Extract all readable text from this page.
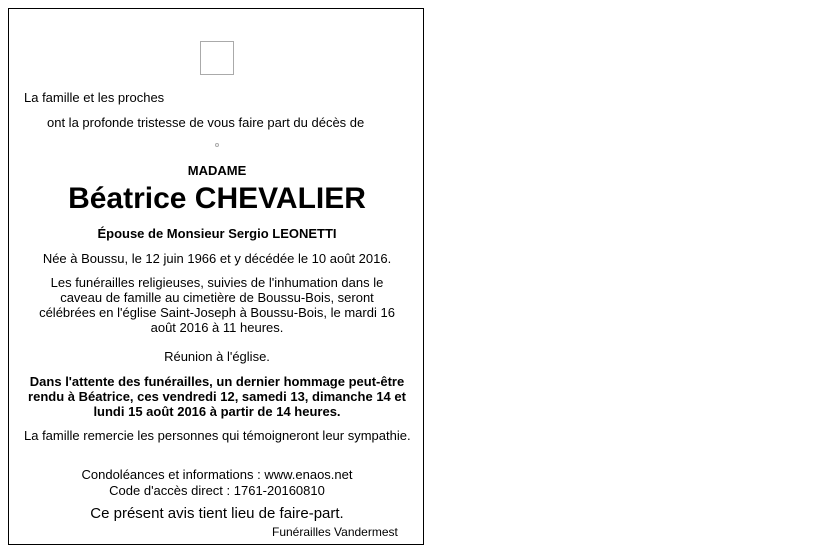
La famille et les proches
ont la profonde tristesse de vous faire part du décès de
MADAME
Béatrice CHEVALIER
Épouse de Monsieur Sergio LEONETTI
Née à Boussu, le 12 juin 1966 et y décédée le 10 août 2016.
Les funérailles religieuses, suivies de l'inhumation dans le caveau de famille au cimetière de Boussu-Bois, seront célébrées en l'église Saint-Joseph à Boussu-Bois, le mardi 16 août 2016 à 11 heures.
Réunion à l'église.
Dans l'attente des funérailles, un dernier hommage peut-être rendu à Béatrice, ces vendredi 12, samedi 13, dimanche 14 et lundi 15 août 2016 à partir de 14 heures.
La famille remercie les personnes qui témoigneront leur sympathie.
Condoléances et informations : www.enaos.net
Code d'accès direct : 1761-20160810
Ce présent avis tient lieu de faire-part.
Funérailles Vandermest
